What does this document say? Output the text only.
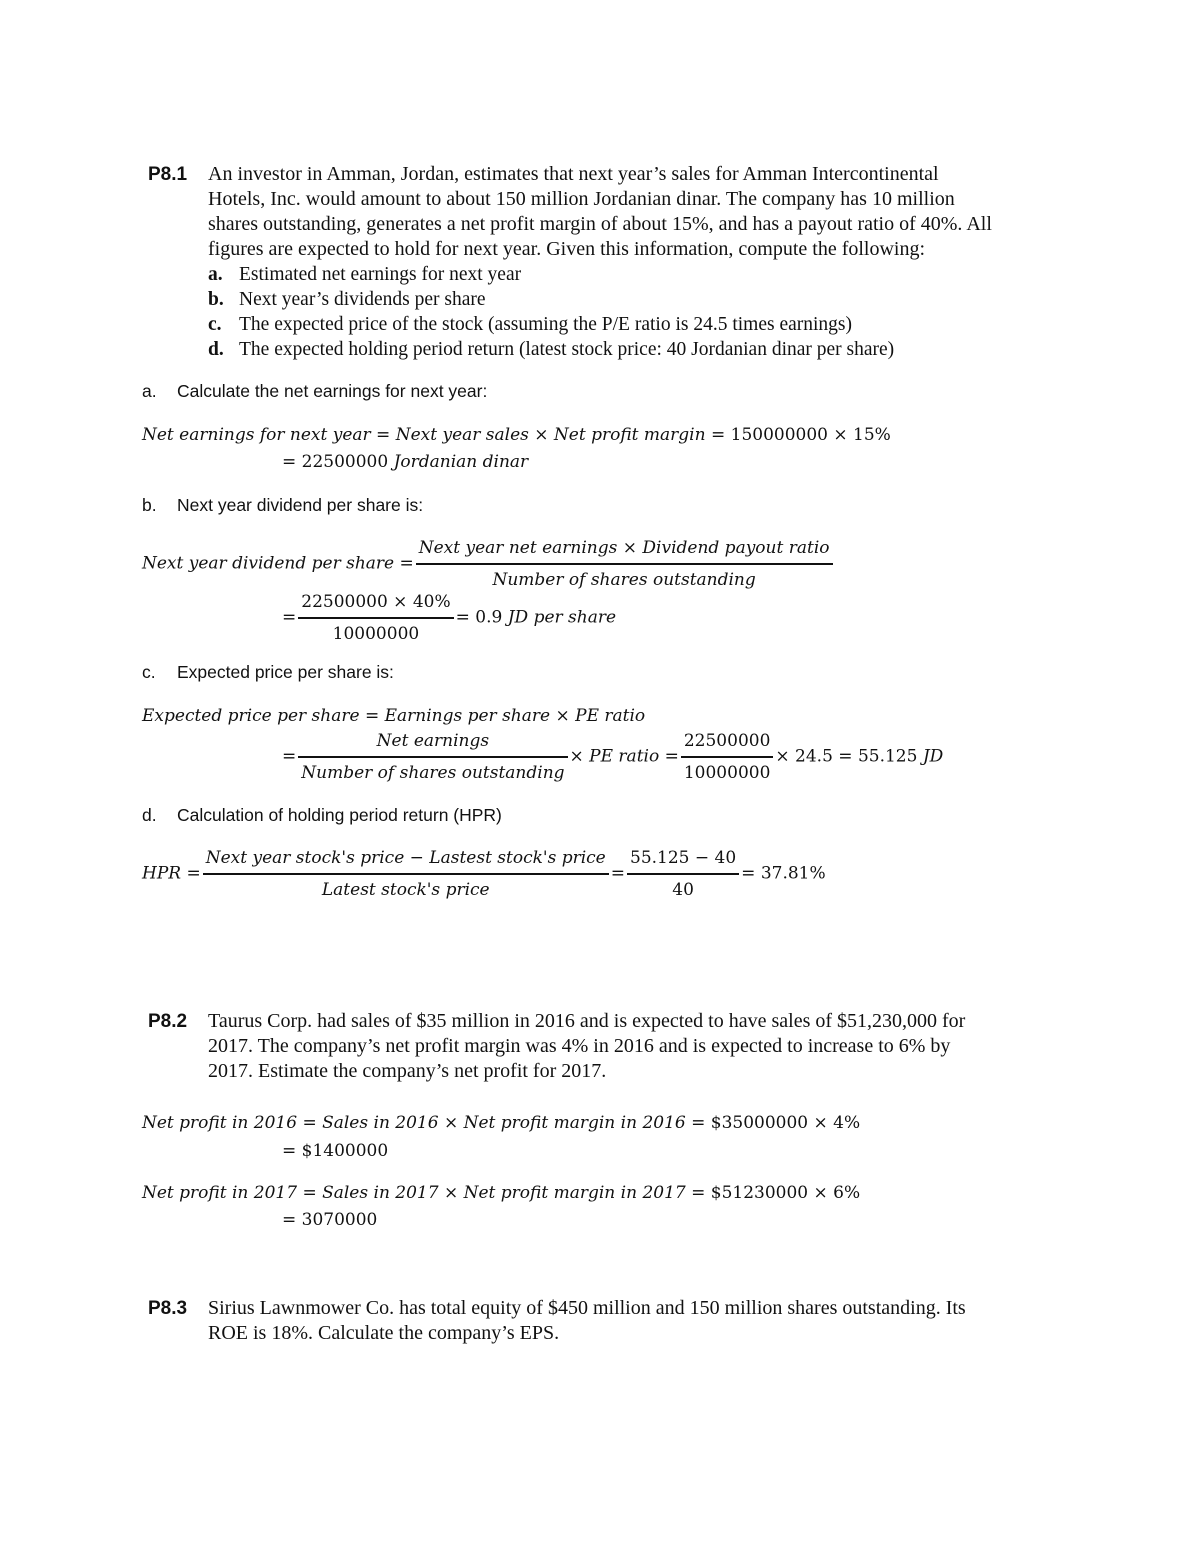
P8.1 An investor in Amman, Jordan, estimates that next year’s sales for Amman Intercontinental Hotels, Inc. would amount to about 150 million Jordanian dinar. The company has 10 million shares outstanding, generates a net profit margin of about 15%, and has a payout ratio of 40%. All figures are expected to hold for next year. Given this information, compute the following:

a. Estimated net earnings for next year
b. Next year’s dividends per share
c. The expected price of the stock (assuming the P/E ratio is 24.5 times earnings)
d. The expected holding period return (latest stock price: 40 Jordanian dinar per share)
a. Calculate the net earnings for next year:
Net earnings for next year = Next year sales × Net profit margin = 150000000 × 15%
= 22500000 Jordanian dinar
b. Next year dividend per share is:
Next year dividend per share = $\frac{\text{Next year net earnings × Dividend payout ratio}}{\text{Number of shares outstanding}}$
= $\frac{22500000 \times 40\%}{10000000} = 0.9$ JD per share
c. Expected price per share is:
Expected price per share = Earnings per share × PE ratio
= $\frac{\text{Net earnings}}{\text{Number of shares outstanding}}$ × PE ratio = $\frac{22500000}{10000000} \times 24.5 = 55.125$ JD
d. Calculation of holding period return (HPR)
HPR = $\frac{\text{Next year stock's price − Lastest stock's price}}{\text{Latest stock's price}} = \frac{55.125 - 40}{40} = 37.81\%$
P8.2 Taurus Corp. had sales of $35 million in 2016 and is expected to have sales of $51,230,000 for 2017. The company’s net profit margin was 4% in 2016 and is expected to increase to 6% by 2017. Estimate the company’s net profit for 2017.

Net profit in 2016 = Sales in 2016 × Net profit margin in 2016 = $35000000 × 4%
= $1400000
Net profit in 2017 = Sales in 2017 × Net profit margin in 2017 = $51230000 × 6%
= 3070000
P8.3 Sirius Lawnmower Co. has total equity of $450 million and 150 million shares outstanding. Its ROE is 18%. Calculate the company’s EPS.
